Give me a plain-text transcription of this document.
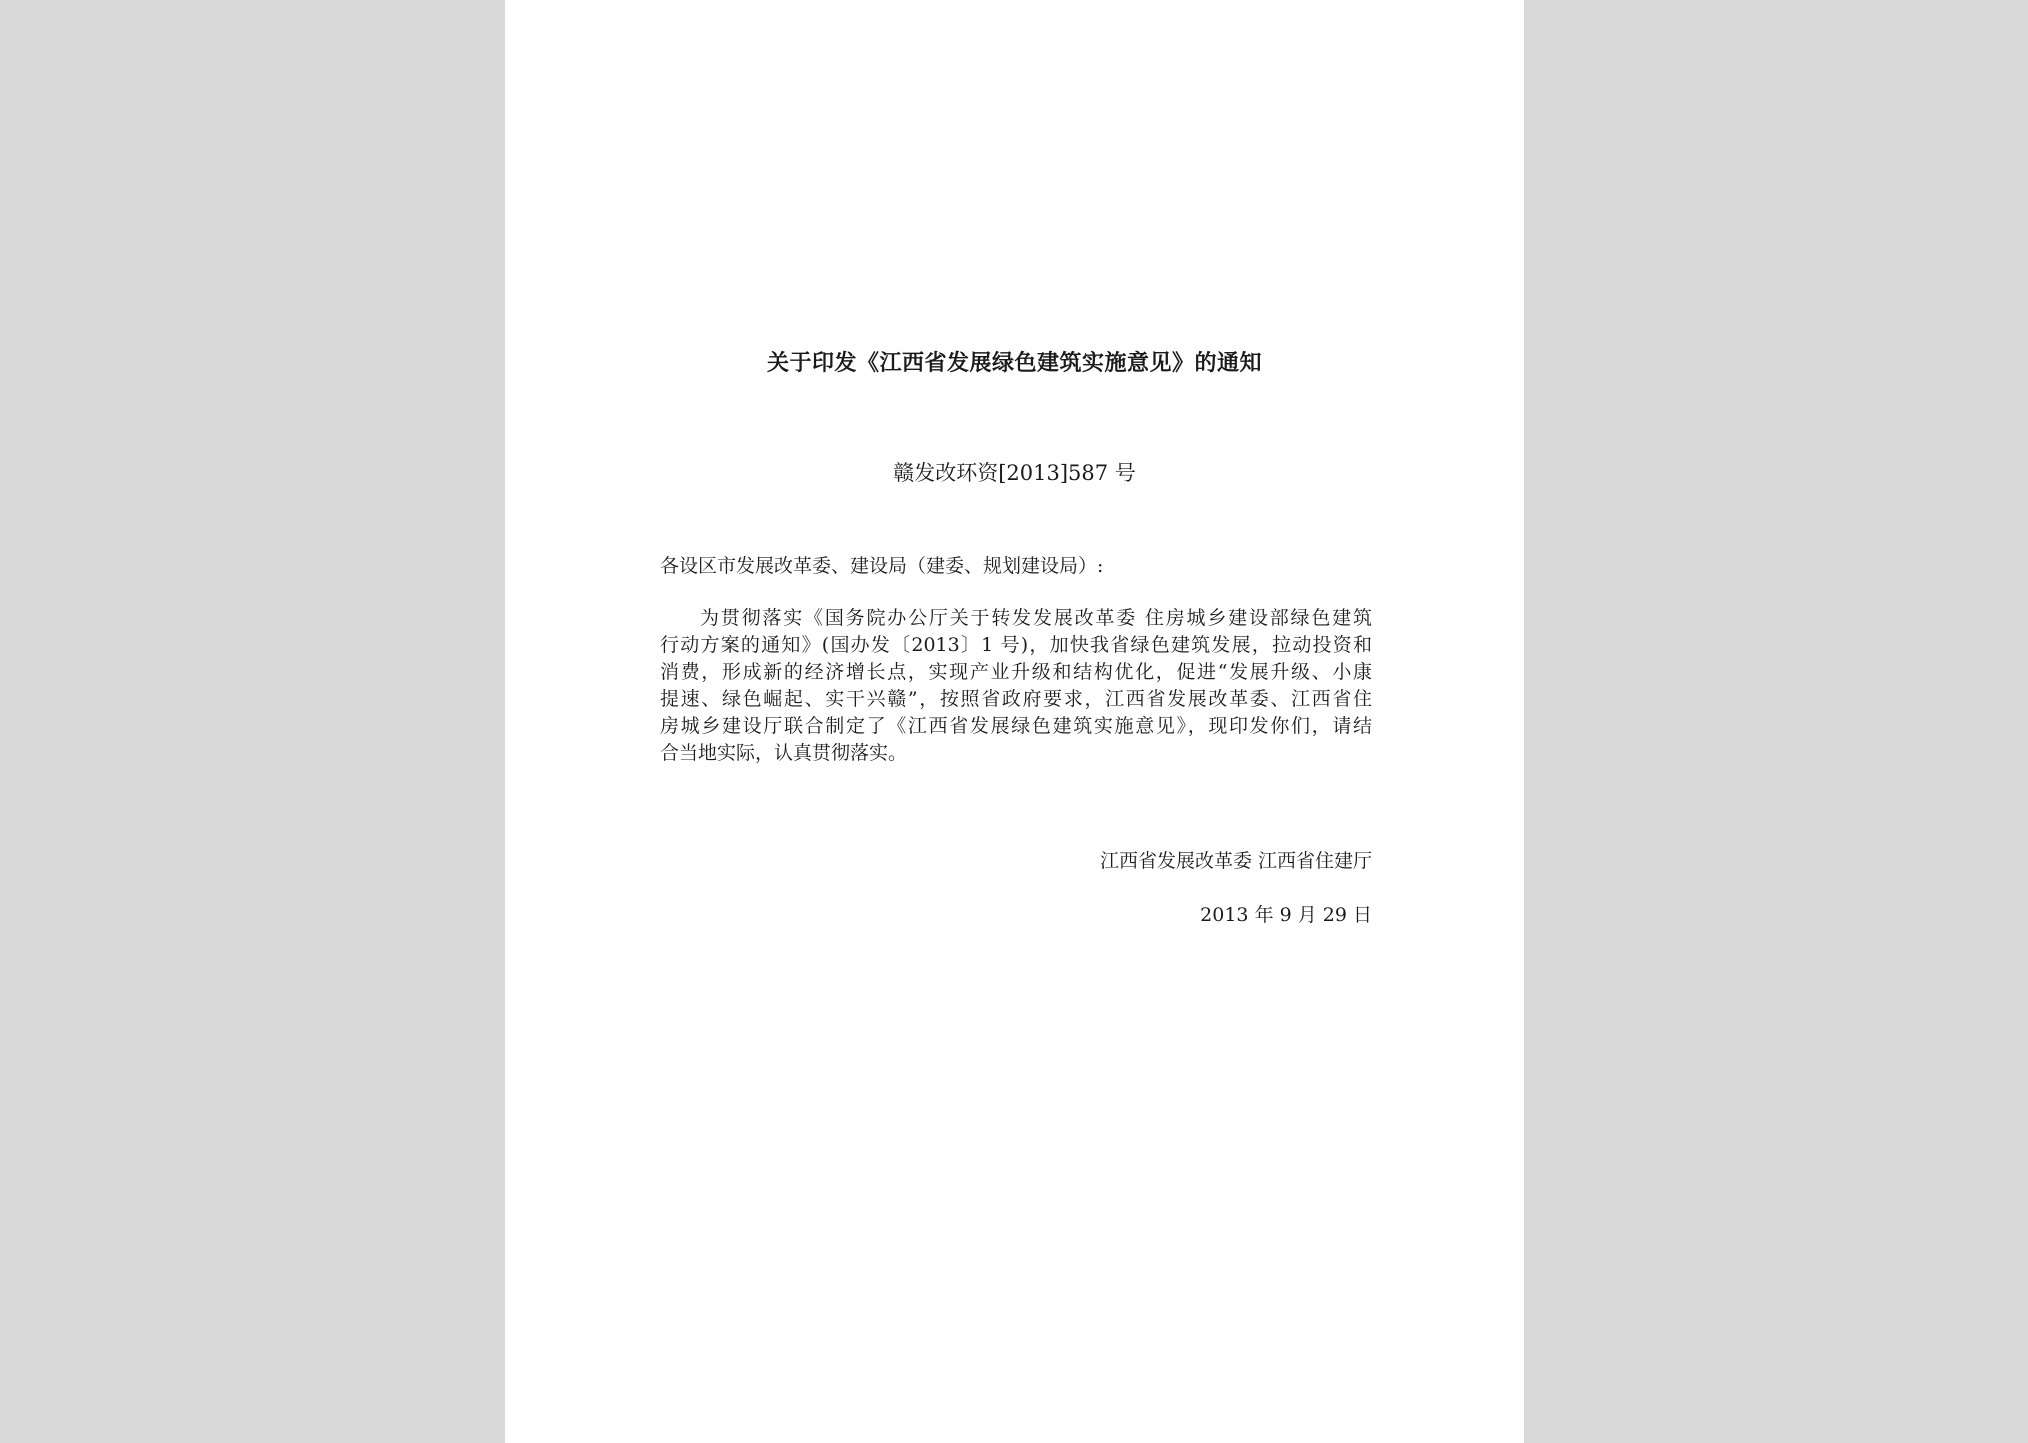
关于印发《江西省发展绿色建筑实施意见》的通知
赣发改环资[2013]587 号
各设区市发展改革委、建设局（建委、规划建设局）:
为贯彻落实《国务院办公厅关于转发发展改革委 住房城乡建设部绿色建筑
行动方案的通知》(国办发〔2013〕1 号)，加快我省绿色建筑发展，拉动投资和
消费，形成新的经济增长点，实现产业升级和结构优化，促进“发展升级、小康
提速、绿色崛起、实干兴赣”，按照省政府要求，江西省发展改革委、江西省住
房城乡建设厅联合制定了《江西省发展绿色建筑实施意见》，现印发你们，请结
合当地实际，认真贯彻落实。
江西省发展改革委 江西省住建厅
2013 年 9 月 29 日
